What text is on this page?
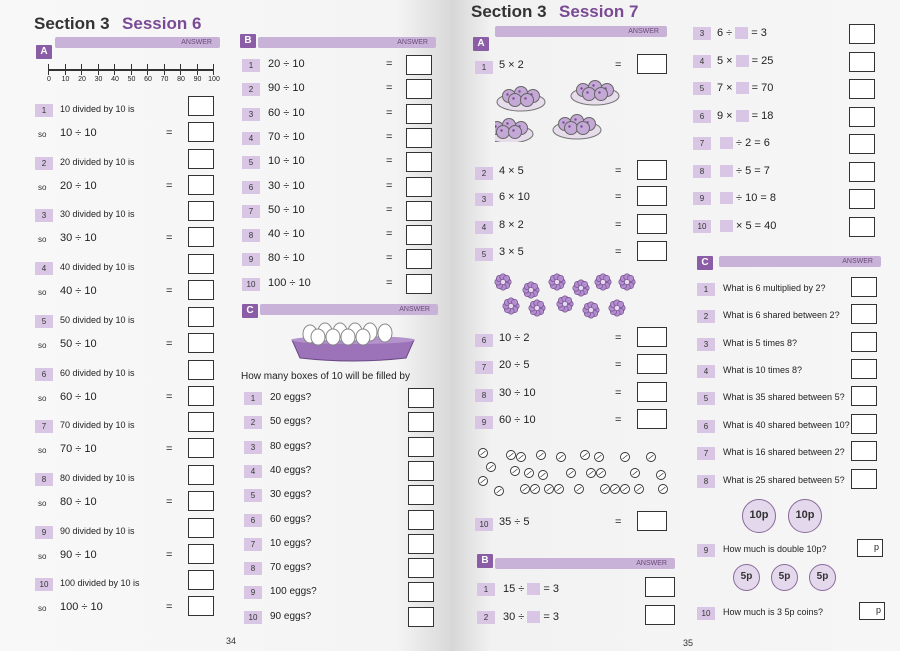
Section 3 Session 6
A
ANSWER
0	10	20	30	40	50	60	70	80	90 100
1	10 divided by 10 is
so 10 ÷ 10	=
2	20 divided by 10 is
so 20 ÷ 10	=
3	30 divided by 10 is
so 30 ÷ 10	=
4	40 divided by 10 is
so 40 ÷ 10	=
5	50 divided by 10 is
so 50 ÷ 10	=
6	60 divided by 10 is
so 60 ÷ 10	=
7	70 divided by 10 is
so 70 ÷ 10	=
8	80 divided by 10 is
so 80 ÷ 10	=
9	90 divided by 10 is
so 90 ÷ 10	=
10	100 divided by 10 is
so 100 ÷ 10	=
B	ANSWER
1	20 ÷ 10	=
2	90 ÷ 10	=
3	60 ÷ 10	=
4	70 ÷ 10	=
5	10 ÷ 10	=
6	30 ÷ 10	=
7	50 ÷ 10	=
8	40 ÷ 10	=
9	80 ÷ 10	=
10	100 ÷ 10	=
C	ANSWER
How many boxes of 10 will be filled by
1	20 eggs?
2	50 eggs?
3	80 eggs?
4	40 eggs?
5	30 eggs?
6	60 eggs?
7	10 eggs?
8	70 eggs?
9	100 eggs?
10	90 eggs?
34
Section 3 Session 7
A
ANSWER
1	5 × 2	=
2	4 × 5	=
3	6 × 10	=
4	8 × 2	=
5	3 × 5	=
6	10 ÷ 2	=
7	20 ÷ 5	=
8	30 ÷ 10	=
9	60 ÷ 10	=
10 35 ÷ 5	=
3	6 ÷ = 3
4	5 × = 25
5	7 × = 70
6	9 × = 18
7	÷ 2 = 6
8	÷ 5 = 7
9	÷ 10 = 8
10	× 5 = 40
B	ANSWER
1	15 ÷ = 3
2	30 ÷ = 3
C	ANSWER
1	What is 6 multiplied by 2?
2	What is 6 shared between 2?
3	What is 5 times 8?
4	What is 10 times 8?
5	What is 35 shared between 5?
6	What is 40 shared between 10?
7	What is 16 shared between 2?
8	What is 25 shared between 5?
9	How much is double 10p?	p
10	How much is 3 5p coins?	p
10p	10p
5p	5p	5p
35
